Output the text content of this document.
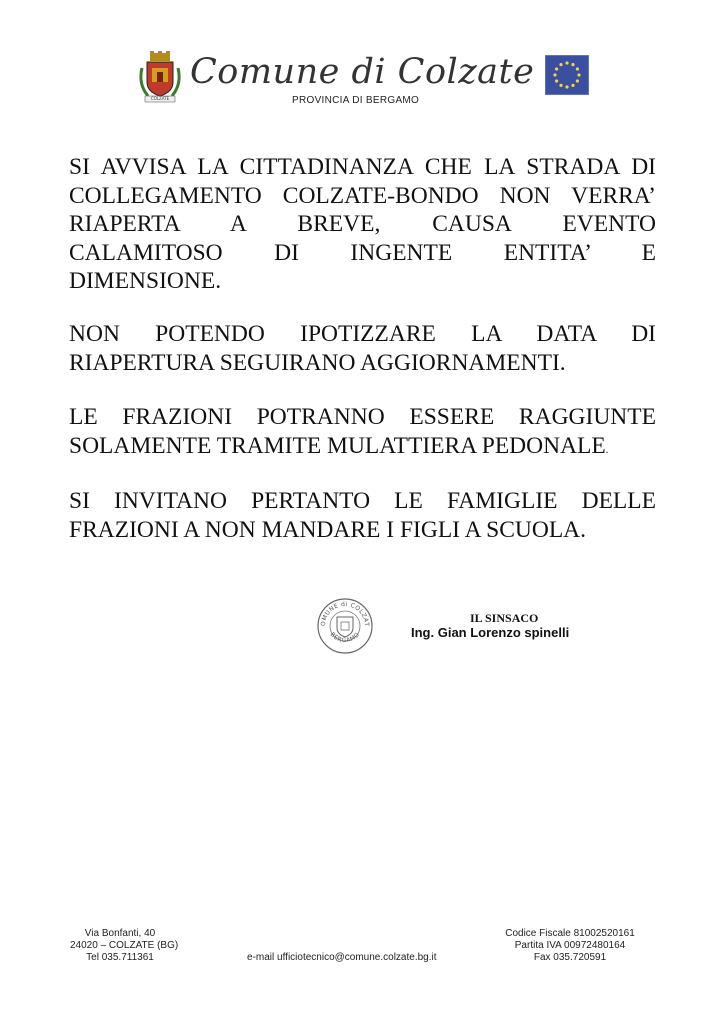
COLZATE
Comune di Colzate
PROVINCIA DI BERGAMO
SI AVVISA LA CITTADINANZA CHE LA STRADA DI
COLLEGAMENTO COLZATE-BONDO NON VERRA’
RIAPERTA A BREVE, CAUSA EVENTO
CALAMITOSO DI INGENTE ENTITA’ E
DIMENSIONE.
NON POTENDO IPOTIZZARE LA DATA DI
RIAPERTURA SEGUIRANO AGGIORNAMENTI.
LE FRAZIONI POTRANNO ESSERE RAGGIUNTE
SOLAMENTE TRAMITE MULATTIERA PEDONALE.
SI INVITANO PERTANTO LE FAMIGLIE DELLE
FRAZIONI A NON MANDARE I FIGLI A SCUOLA.
OMUNE di COLZAT
BERGAMO
IL SINSACO
Ing. Gian Lorenzo spinelli
Via Bonfanti, 40
24020 – COLZATE (BG)
Tel 035.711361	e-mail ufficiotecnico@comune.colzate.bg.it
Codice Fiscale 81002520161
Partita IVA 00972480164
Fax 035.720591
